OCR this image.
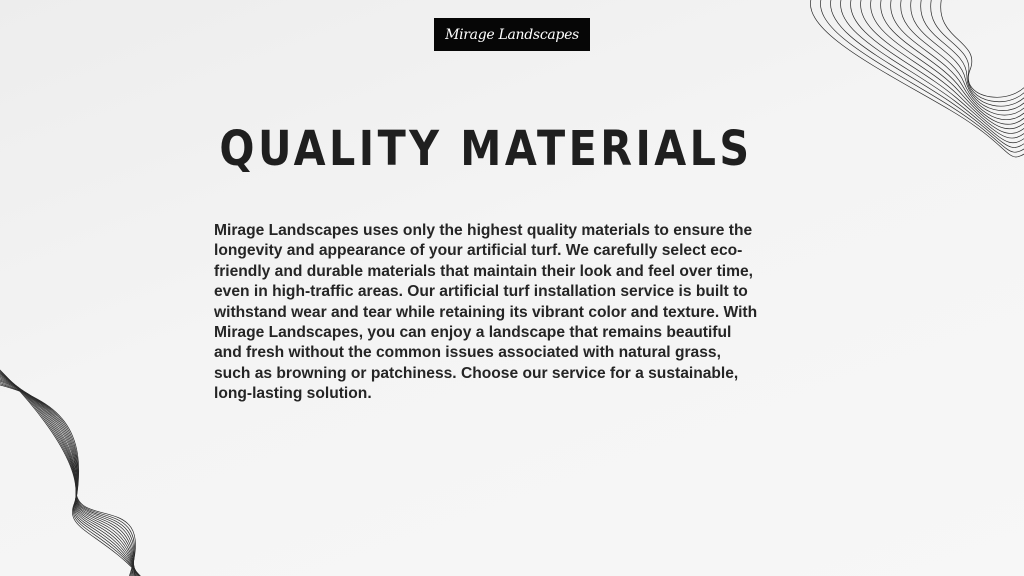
Mirage Landscapes
QUALITY MATERIALS

Mirage Landscapes uses only the highest quality materials to ensure the longevity and appearance of your artificial turf. We carefully select eco-friendly and durable materials that maintain their look and feel over time, even in high-traffic areas. Our artificial turf installation service is built to withstand wear and tear while retaining its vibrant color and texture. With Mirage Landscapes, you can enjoy a landscape that remains beautiful and fresh without the common issues associated with natural grass, such as browning or patchiness. Choose our service for a sustainable, long-lasting solution.
